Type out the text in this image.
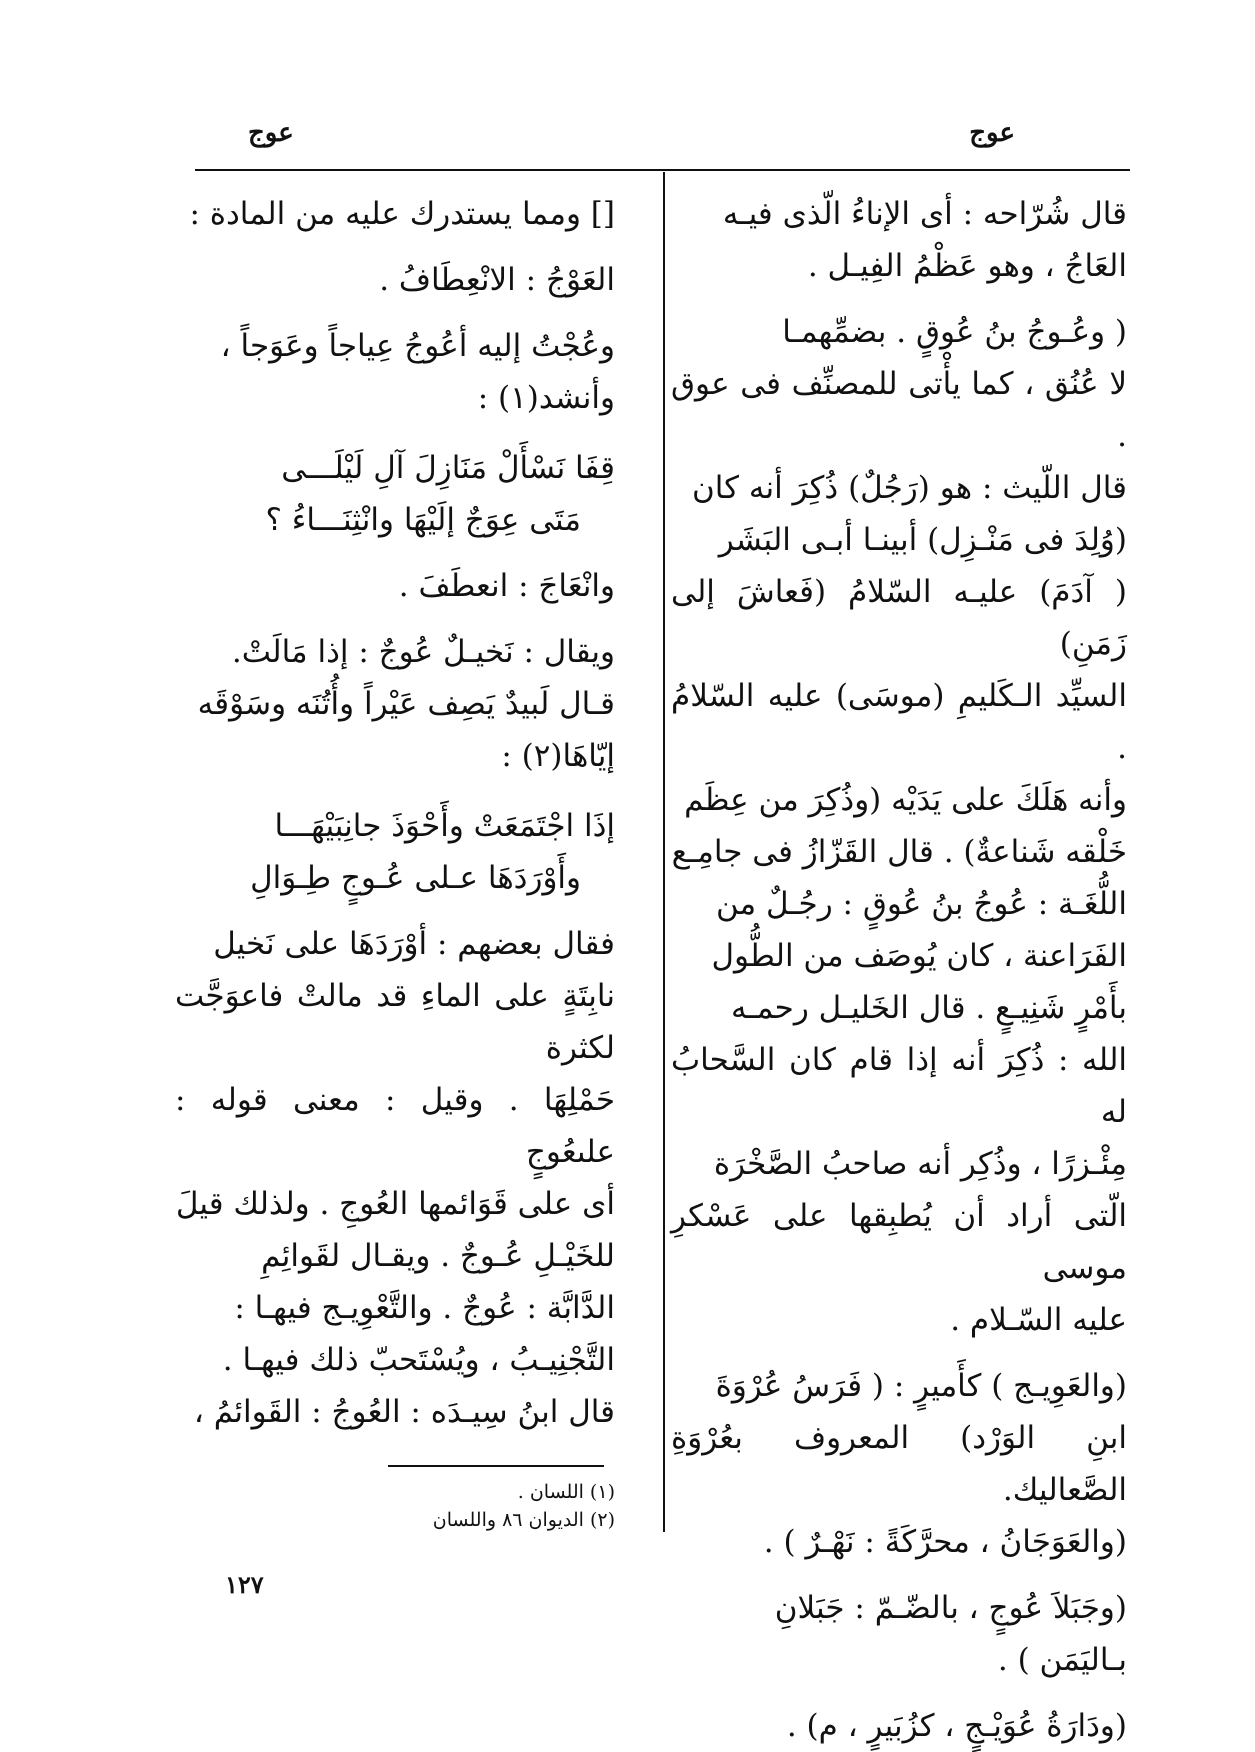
عوج
عوج

قال شُرّاحه : أى الإناءُ الّذى فيـه

العَاجُ ، وهو عَظْمُ الفِيـل .

( وعُـوجُ بنُ عُوقٍ . بضمِّهمـا

لا عُنُق ، كما يأْتى للمصنِّف فى عوق .

قال اللّيث : هو (رَجُلٌ) ذُكِرَ أنه كان

(وُلِدَ فى مَنْـزِل) أبينـا أبـى البَشَر

( آدَمَ) عليـه السّلامُ (فَعاشَ إلى زَمَنِ)

السيِّد الـكَليمِ (موسَى) عليه السّلامُ .

وأنه هَلَكَ على يَدَيْه (وذُكِرَ من عِظَم

خَلْقه شَناعةٌ) . قال القَزّازُ فى جامِـع

اللُّغَـة : عُوجُ بنُ عُوقٍ : رجُـلٌ من

الفَرَاعنة ، كان يُوصَف من الطُّول

بأَمْرٍ شَنِيـعٍ . قال الخَليـل رحمـه

الله : ذُكِرَ أنه إذا قام كان السَّحابُ له

مِئْـزرًا ، وذُكِر أنه صاحبُ الصَّخْرَة

الّتى أراد أن يُطبِقها على عَسْكرِ موسى

عليه السّـلام .

(والعَوِيـج ) كأَميرٍ : ( فَرَسُ عُرْوَةَ

ابنِ الوَرْد) المعروف بعُرْوَةِ الصَّعاليك.

(والعَوَجَانُ ، محرَّكَةً : نَهْـرٌ ) .

(وجَبَلاَ عُوجٍ ، بالضّـمّ : جَبَلانِ

بـاليَمَن ) .

(ودَارَةُ عُوَيْـجٍ ، كزُبَيرٍ ، م) .

[] ومما يستدرك عليه من المادة :

العَوْجُ : الانْعِطَافُ .

وعُجْتُ إليه أعُوجُ عِياجاً وعَوَجاً ،

وأنشد(١) :

قِفَا نَسْأَلْ مَنَازِلَ آلِ لَيْلَـــى

مَتَى عِوَجٌ إلَيْهَا وانْثِنَـــاءُ ؟

وانْعَاجَ : انعطَفَ .

ويقال : نَخيـلٌ عُوجٌ : إذا مَالَتْ.

قـال لَبيدٌ يَصِف عَيْراً وأُتُنَه وسَوْقَه

إيّاهَا(٢) :

إذَا اجْتَمَعَتْ وأَحْوَذَ جانِبَيْهَـــا

وأَوْرَدَهَا عـلى عُـوجٍ طِـوَالِ

فقال بعضهم : أوْرَدَهَا على نَخيل

نابِتَةٍ على الماءِ قد مالتْ فاعوَجَّت لكثرة

حَمْلِهَا . وقيل : معنى قوله : علىعُوجٍ

أى على قَوَائمها العُوجِ . ولذلك قيلَ

للخَيْـلِ عُـوجٌ . ويقـال لقَوائِمِ

الدَّابَّة : عُوجٌ . والتَّعْوِيـج فيهـا :

التَّجْنِيـبُ ، ويُسْتَحبّ ذلك فيهـا .

قال ابنُ سِيـدَه : العُوجُ : القَوائمُ ،

(١) اللسان .

(٢) الديوان ٨٦ واللسان

١٢٧
